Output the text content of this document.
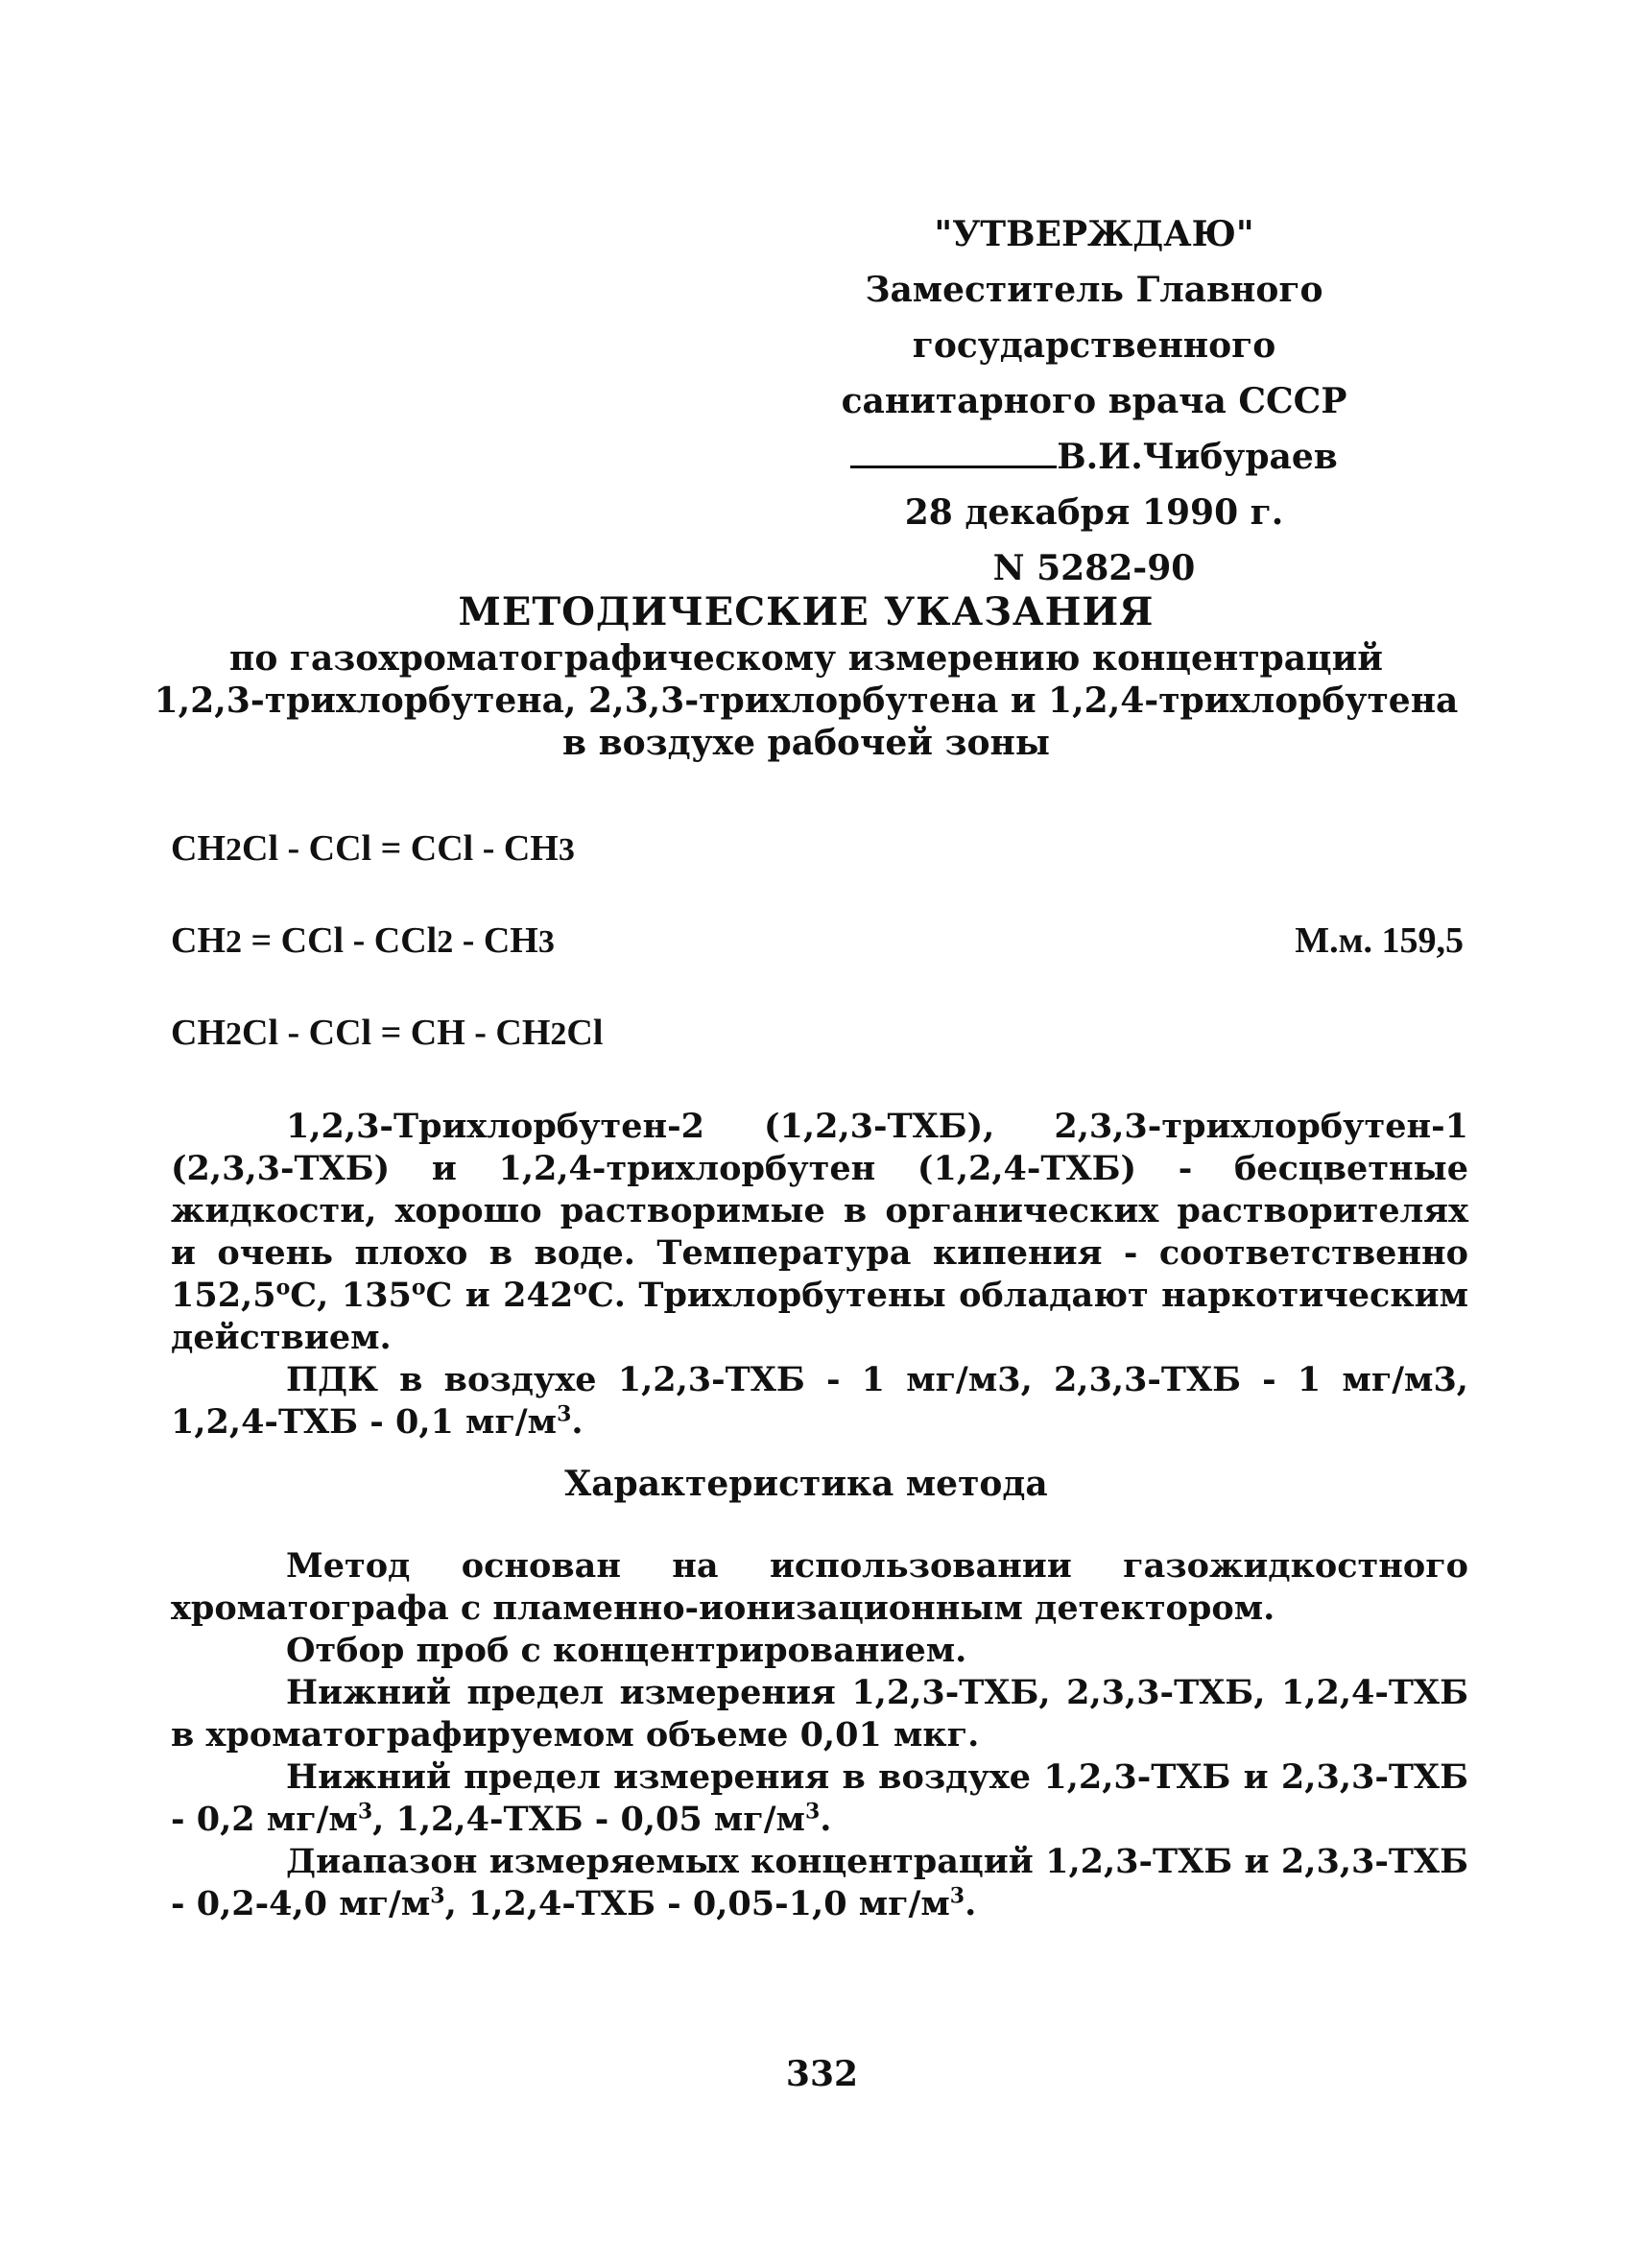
"УТВЕРЖДАЮ"
Заместитель Главного государственного
санитарного врача СССР
В.И.Чибураев
28 декабря 1990 г.
N 5282-90
МЕТОДИЧЕСКИЕ УКАЗАНИЯ
по газохроматографическому измерению концентраций
1,2,3-трихлорбутена, 2,3,3-трихлорбутена и 1,2,4-трихлорбутена
в воздухе рабочей зоны
CH2Cl - CCl = CCl - CH3
CH2 = CCl - CCl2 - CH3	М.м. 159,5
CH2Cl - CCl = CH - CH2Cl

1,2,3-Трихлорбутен-2 (1,2,3-ТХБ), 2,3,3-трихлорбутен-1 (2,3,3-ТХБ) и 1,2,4-трихлорбутен (1,2,4-ТХБ) - бесцветные жидкости, хорошо растворимые в органических растворителях и очень плохо в воде. Температура кипения - соответственно 152,5$^o$С, 135$^o$С и 242$^o$С. Трихлорбутены обладают наркотическим действием.

ПДК в воздухе 1,2,3-ТХБ - 1 мг/м3, 2,3,3-ТХБ - 1 мг/м3, 1,2,4-ТХБ - 0,1 $мг/м^3$.

Характеристика метода

Метод основан на использовании газожидкостного хроматографа с пламенно-ионизационным детектором.

Отбор проб с концентрированием.

Нижний предел измерения 1,2,3-ТХБ, 2,3,3-ТХБ, 1,2,4-ТХБ в хроматографируемом объеме 0,01 мкг.

Нижний предел измерения в воздухе 1,2,3-ТХБ и 2,3,3-ТХБ - 0,2 $мг/м^3$, 1,2,4-ТХБ - 0,05 $мг/м^3$.

Диапазон измеряемых концентраций 1,2,3-ТХБ и 2,3,3-ТХБ - 0,2-4,0 $мг/м^3$, 1,2,4-ТХБ - 0,05-1,0 $мг/м^3$.

332
